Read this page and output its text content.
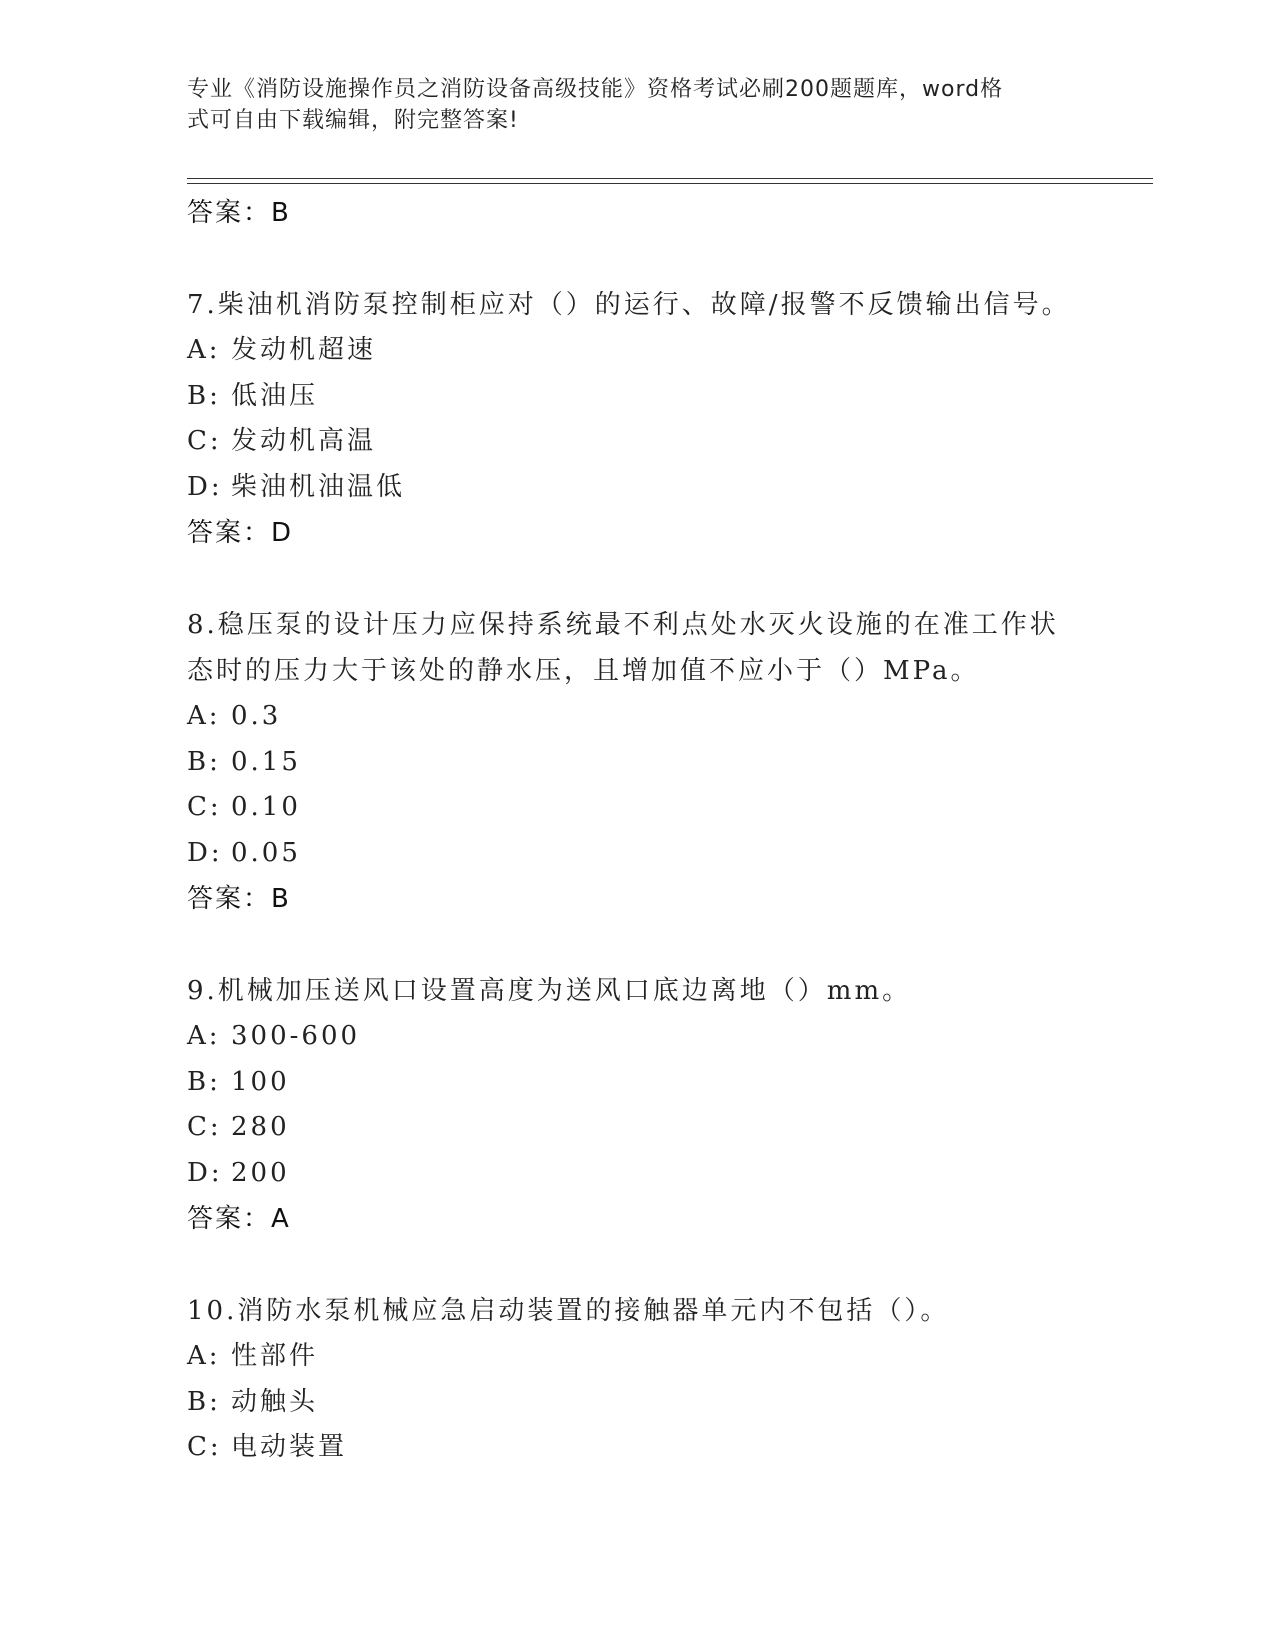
专业《消防设施操作员之消防设备高级技能》资格考试必刷200题题库，word格
式可自由下载编辑，附完整答案!
答案：B
7.柴油机消防泵控制柜应对（）的运行、故障/报警不反馈输出信号。
A: 发动机超速
B: 低油压
C: 发动机高温
D: 柴油机油温低
答案：D
8.稳压泵的设计压力应保持系统最不利点处水灭火设施的在准工作状
态时的压力大于该处的静水压，且增加值不应小于（）MPa。
A: 0.3
B: 0.15
C: 0.10
D: 0.05
答案：B
9.机械加压送风口设置高度为送风口底边离地（）mm。
A: 300-600
B: 100
C: 280
D: 200
答案：A
10.消防水泵机械应急启动装置的接触器单元内不包括（）。
A: 性部件
B: 动触头
C: 电动装置
